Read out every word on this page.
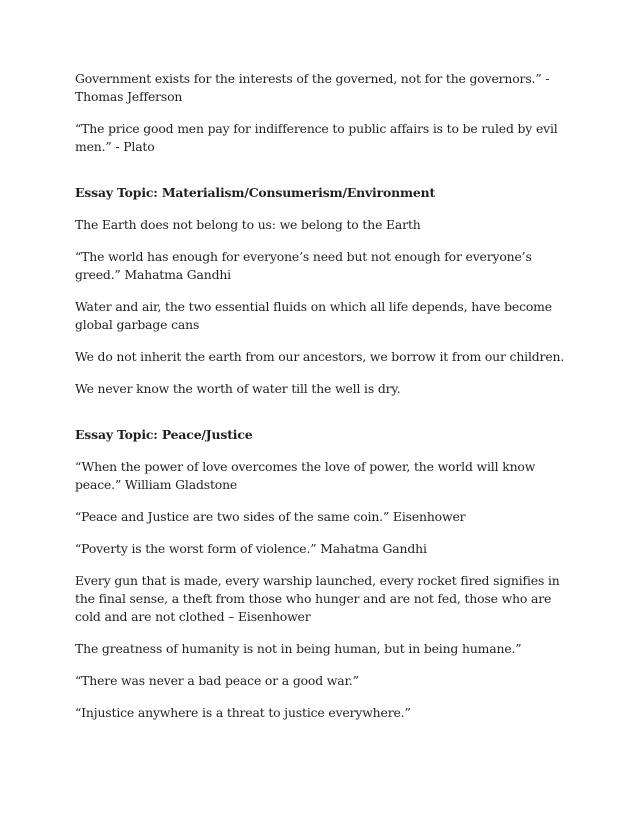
Government exists for the interests of the governed, not for the governors.” - Thomas Jefferson

“The price good men pay for indifference to public affairs is to be ruled by evil men.” - Plato

Essay Topic: Materialism/Consumerism/Environment

The Earth does not belong to us: we belong to the Earth

“The world has enough for everyone’s need but not enough for everyone’s greed.” Mahatma Gandhi

Water and air, the two essential fluids on which all life depends, have become global garbage cans

We do not inherit the earth from our ancestors, we borrow it from our children.

We never know the worth of water till the well is dry.

Essay Topic: Peace/Justice

“When the power of love overcomes the love of power, the world will know peace.” William Gladstone

“Peace and Justice are two sides of the same coin.” Eisenhower

“Poverty is the worst form of violence.” Mahatma Gandhi

Every gun that is made, every warship launched, every rocket fired signifies in the final sense, a theft from those who hunger and are not fed, those who are cold and are not clothed – Eisenhower

The greatness of humanity is not in being human, but in being humane.”

“There was never a bad peace or a good war.”

“Injustice anywhere is a threat to justice everywhere.”
